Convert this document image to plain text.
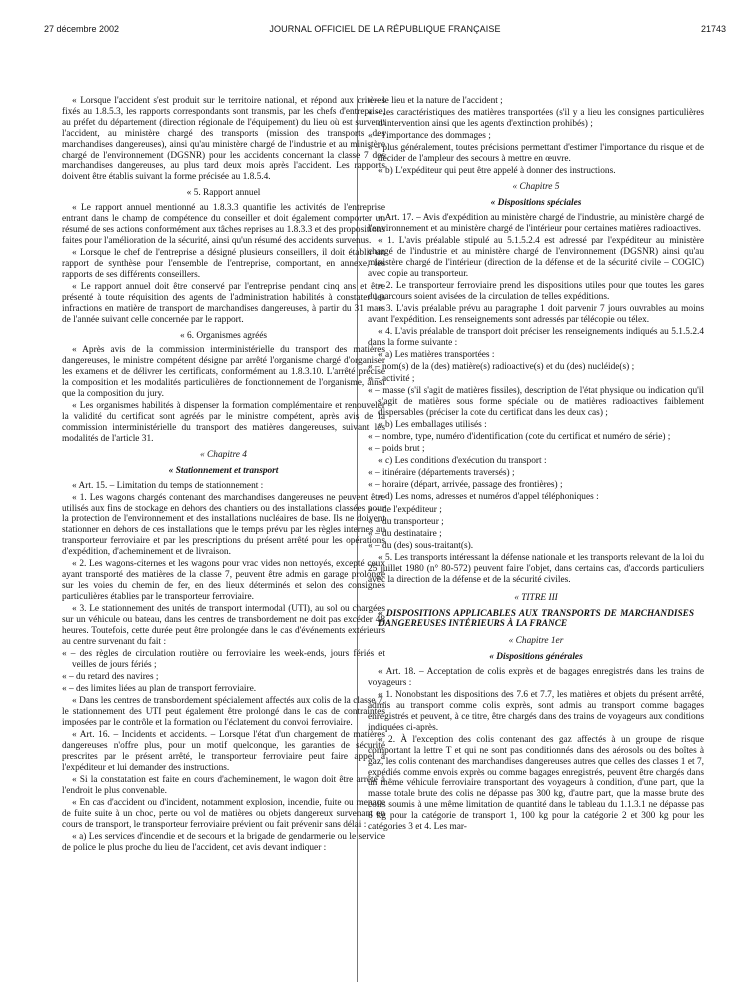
27 décembre 2002	JOURNAL OFFICIEL DE LA RÉPUBLIQUE FRANÇAISE	21743

« Lorsque l'accident s'est produit sur le territoire national, et répond aux critères fixés au 1.8.5.3, les rapports correspondants sont transmis, par les chefs d'entreprise, au préfet du département (direction régionale de l'équipement) du lieu où est survenu l'accident, au ministère chargé des transports (mission des transports des marchandises dangereuses), ainsi qu'au ministère chargé de l'industrie et au ministère chargé de l'environnement (DGSNR) pour les accidents concernant la classe 7 des marchandises dangereuses, au plus tard deux mois après l'accident. Les rapports doivent être établis suivant la forme précisée au 1.8.5.4.

« 5. Rapport annuel

« Le rapport annuel mentionné au 1.8.3.3 quantifie les activités de l'entreprise entrant dans le champ de compétence du conseiller et doit également comporter un résumé de ses actions conformément aux tâches reprises au 1.8.3.3 et des propositions faites pour l'amélioration de la sécurité, ainsi qu'un résumé des accidents survenus.

« Lorsque le chef de l'entreprise a désigné plusieurs conseillers, il doit établir un rapport de synthèse pour l'ensemble de l'entreprise, comportant, en annexe, les rapports de ses différents conseillers.

« Le rapport annuel doit être conservé par l'entreprise pendant cinq ans et être présenté à toute réquisition des agents de l'administration habilités à constater les infractions en matière de transport de marchandises dangereuses, à partir du 31 mars de l'année suivant celle concernée par le rapport.

« 6. Organismes agréés

« Après avis de la commission interministérielle du transport des matières dangereuses, le ministre compétent désigne par arrêté l'organisme chargé d'organiser les examens et de délivrer les certificats, conformément au 1.8.3.10. L'arrêté précise la composition et les modalités particulières de fonctionnement de l'organisme, ainsi que la composition du jury.

« Les organismes habilités à dispenser la formation complémentaire et renouveler la validité du certificat sont agréés par le ministre compétent, après avis de la commission interministérielle du transport des matières dangereuses, suivant les modalités de l'article 31.

« Chapitre 4

« Stationnement et transport

« Art. 15. – Limitation du temps de stationnement :

« 1. Les wagons chargés contenant des marchandises dangereuses ne peuvent être utilisés aux fins de stockage en dehors des chantiers ou des installations classées pour la protection de l'environnement et des installations nucléaires de base. Ils ne doivent stationner en dehors de ces installations que le temps prévu par les règles internes au transporteur ferroviaire et par les prescriptions du présent arrêté pour les opérations d'expédition, d'acheminement et de livraison.

« 2. Les wagons-citernes et les wagons pour vrac vides non nettoyés, excepté ceux ayant transporté des matières de la classe 7, peuvent être admis en garage prolongé sur les voies du chemin de fer, en des lieux déterminés et selon des consignes particulières établies par le transporteur ferroviaire.

« 3. Le stationnement des unités de transport intermodal (UTI), au sol ou chargées sur un véhicule ou bateau, dans les centres de transbordement ne doit pas excéder 48 heures. Toutefois, cette durée peut être prolongée dans le cas d'événements extérieurs au centre survenant du fait :

« – des règles de circulation routière ou ferroviaire les week-ends, jours fériés et veilles de jours fériés ;

« – du retard des navires ;

« – des limites liées au plan de transport ferroviaire.

« Dans les centres de transbordement spécialement affectés aux colis de la classe 7, le stationnement des UTI peut également être prolongé dans le cas de contraintes imposées par le contrôle et la formation ou l'éclatement du convoi ferroviaire.

« Art. 16. – Incidents et accidents. – Lorsque l'état d'un chargement de matières dangereuses n'offre plus, pour un motif quelconque, les garanties de sécurité prescrites par le présent arrêté, le transporteur ferroviaire peut faire appel à l'expéditeur et lui demander des instructions.

« Si la constatation est faite en cours d'acheminement, le wagon doit être arrêté à l'endroit le plus convenable.

« En cas d'accident ou d'incident, notamment explosion, incendie, fuite ou menace de fuite suite à un choc, perte ou vol de matières ou objets dangereux survenant en cours de transport, le transporteur ferroviaire prévient ou fait prévenir sans délai :

« a) Les services d'incendie et de secours et la brigade de gendarmerie ou le service de police le plus proche du lieu de l'accident, cet avis devant indiquer :

« – le lieu et la nature de l'accident ;

« – les caractéristiques des matières transportées (s'il y a lieu les consignes particulières d'intervention ainsi que les agents d'extinction prohibés) ;

« – l'importance des dommages ;

« – plus généralement, toutes précisions permettant d'estimer l'importance du risque et de décider de l'ampleur des secours à mettre en œuvre.

« b) L'expéditeur qui peut être appelé à donner des instructions.

« Chapitre 5

« Dispositions spéciales

« Art. 17. – Avis d'expédition au ministère chargé de l'industrie, au ministère chargé de l'environnement et au ministère chargé de l'intérieur pour certaines matières radioactives.

« 1. L'avis préalable stipulé au 5.1.5.2.4 est adressé par l'expéditeur au ministère chargé de l'industrie et au ministère chargé de l'environnement (DGSNR) ainsi qu'au ministère chargé de l'intérieur (direction de la défense et de la sécurité civile – COGIC) avec copie au transporteur.

« 2. Le transporteur ferroviaire prend les dispositions utiles pour que toutes les gares du parcours soient avisées de la circulation de telles expéditions.

« 3. L'avis préalable prévu au paragraphe 1 doit parvenir 7 jours ouvrables au moins avant l'expédition. Les renseignements sont adressés par télécopie ou télex.

« 4. L'avis préalable de transport doit préciser les renseignements indiqués au 5.1.5.2.4 dans la forme suivante :

« a) Les matières transportées :

« – nom(s) de la (des) matière(s) radioactive(s) et du (des) nucléide(s) ;

« – activité ;

« – masse (s'il s'agit de matières fissiles), description de l'état physique ou indication qu'il s'agit de matières sous forme spéciale ou de matières radioactives faiblement dispersables (préciser la cote du certificat dans les deux cas) ;

« b) Les emballages utilisés :

« – nombre, type, numéro d'identification (cote du certificat et numéro de série) ;

« – poids brut ;

« c) Les conditions d'exécution du transport :

« – itinéraire (départements traversés) ;

« – horaire (départ, arrivée, passage des frontières) ;

« d) Les noms, adresses et numéros d'appel téléphoniques :

« – de l'expéditeur ;

« – du transporteur ;

« – du destinataire ;

« – du (des) sous-traitant(s).

« 5. Les transports intéressant la défense nationale et les transports relevant de la loi du 25 juillet 1980 (n° 80-572) peuvent faire l'objet, dans certains cas, d'accords particuliers avec la direction de la défense et de la sécurité civiles.

« TITRE III

« DISPOSITIONS APPLICABLES AUX TRANSPORTS DE MARCHANDISES DANGEREUSES INTÉRIEURS À LA FRANCE

« Chapitre 1er

« Dispositions générales

« Art. 18. – Acceptation de colis exprès et de bagages enregistrés dans les trains de voyageurs :

« 1. Nonobstant les dispositions des 7.6 et 7.7, les matières et objets du présent arrêté, admis au transport comme colis exprès, sont admis au transport comme bagages enregistrés et peuvent, à ce titre, être chargés dans des trains de voyageurs aux conditions indiquées ci-après.

« 2. À l'exception des colis contenant des gaz affectés à un groupe de risque comportant la lettre T et qui ne sont pas conditionnés dans des aérosols ou des boîtes à gaz, les colis contenant des marchandises dangereuses autres que celles des classes 1 et 7, expédiés comme envois exprès ou comme bagages enregistrés, peuvent être chargés dans un même véhicule ferroviaire transportant des voyageurs à condition, d'une part, que la masse totale brute des colis ne dépasse pas 300 kg, d'autre part, que la masse brute des colis soumis à une même limitation de quantité dans le tableau du 1.1.3.1 ne dépasse pas 6 kg pour la catégorie de transport 1, 100 kg pour la catégorie 2 et 300 kg pour les catégories 3 et 4. Les mar-
